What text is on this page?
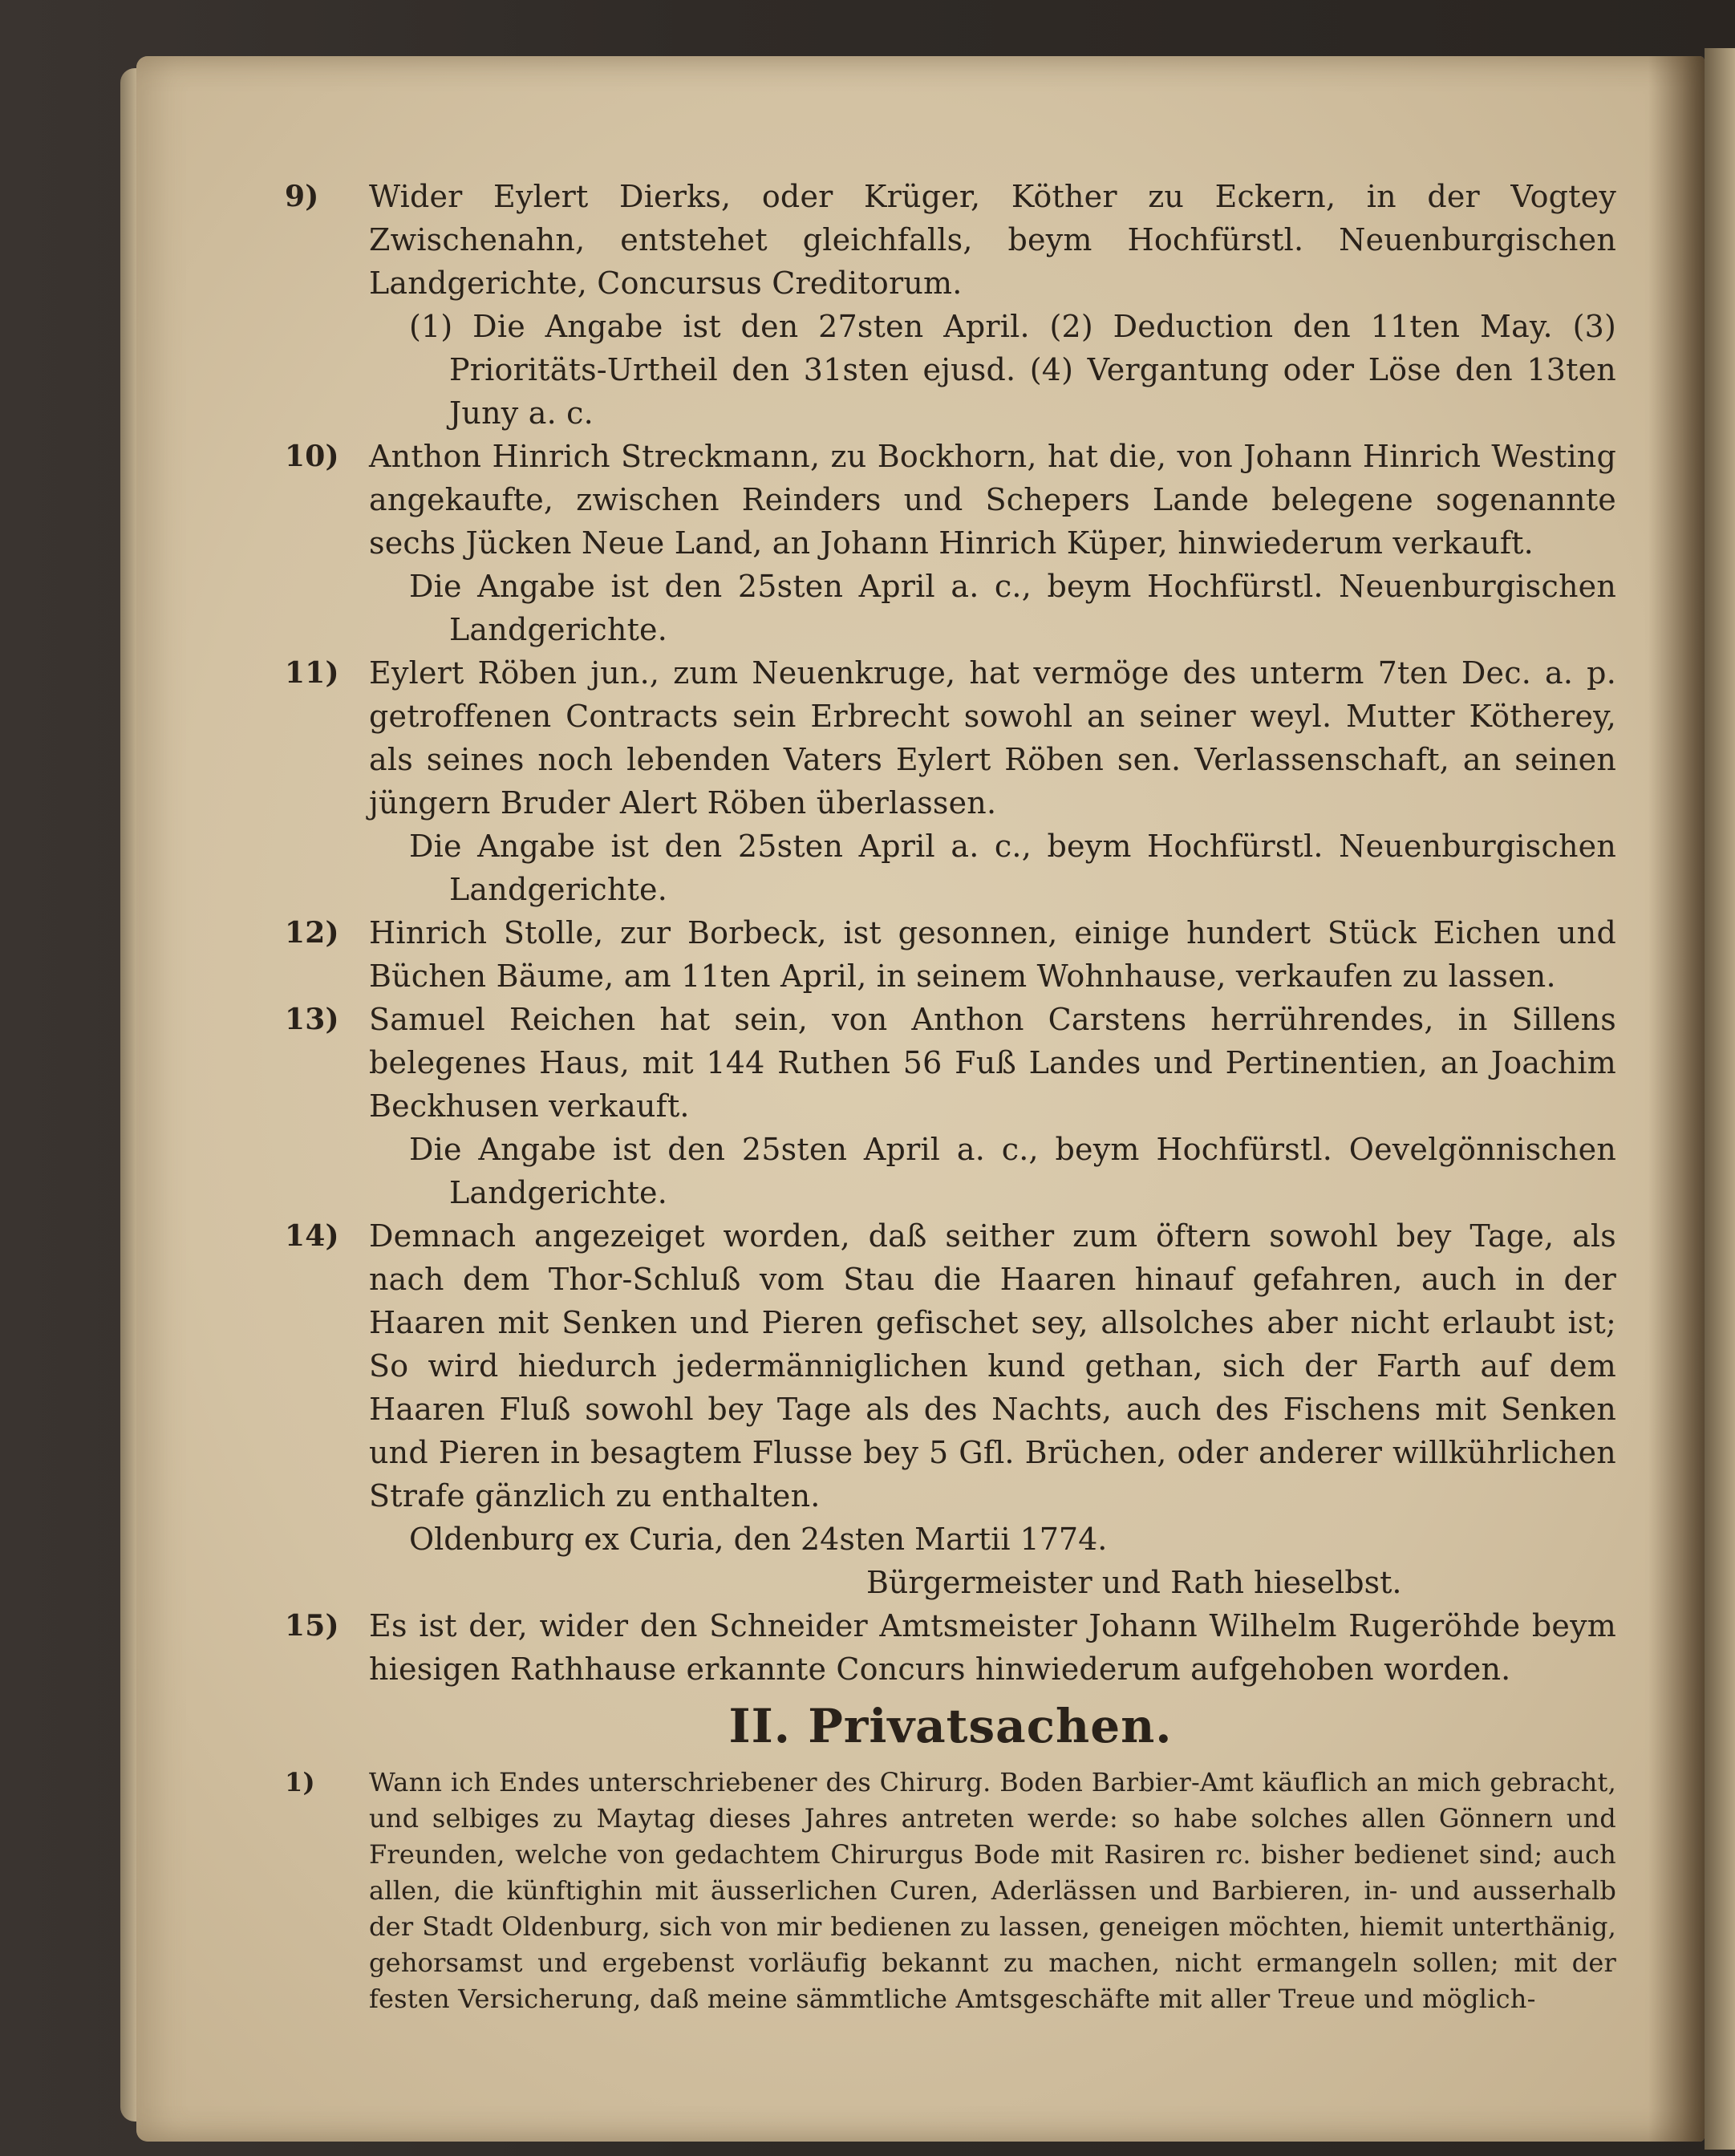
9) Wider Eylert Dierks, oder Krüger, Köther zu Eckern, in der Vogtey Zwischenahn, entstehet gleichfalls, beym Hochfürstl. Neuenburgischen Landgerichte, Concursus Creditorum.
(1) Die Angabe ist den 27sten April. (2) Deduction den 11ten May. (3) Prioritäts-Urtheil den 31sten ejusd. (4) Vergantung oder Löse den 13ten Juny a. c.

10) Anthon Hinrich Streckmann, zu Bockhorn, hat die, von Johann Hinrich Westing angekaufte, zwischen Reinders und Schepers Lande belegene sogenannte sechs Jücken Neue Land, an Johann Hinrich Küper, hinwiederum verkauft.
Die Angabe ist den 25sten April a. c., beym Hochfürstl. Neuenburgischen Landgerichte.

11) Eylert Röben jun., zum Neuenkruge, hat vermöge des unterm 7ten Dec. a. p. getroffenen Contracts sein Erbrecht sowohl an seiner weyl. Mutter Kötherey, als seines noch lebenden Vaters Eylert Röben sen. Verlassenschaft, an seinen jüngern Bruder Alert Röben überlassen.
Die Angabe ist den 25sten April a. c., beym Hochfürstl. Neuenburgischen Landgerichte.

12) Hinrich Stolle, zur Borbeck, ist gesonnen, einige hundert Stück Eichen und Büchen Bäume, am 11ten April, in seinem Wohnhause, verkaufen zu lassen.

13) Samuel Reichen hat sein, von Anthon Carstens herrührendes, in Sillens belegenes Haus, mit 144 Ruthen 56 Fuß Landes und Pertinentien, an Joachim Beckhusen verkauft.
Die Angabe ist den 25sten April a. c., beym Hochfürstl. Oevelgönnischen Landgerichte.

14) Demnach angezeiget worden, daß seither zum öftern sowohl bey Tage, als nach dem Thor-Schluß vom Stau die Haaren hinauf gefahren, auch in der Haaren mit Senken und Pieren gefischet sey, allsolches aber nicht erlaubt ist; So wird hiedurch jedermänniglichen kund gethan, sich der Farth auf dem Haaren Fluß sowohl bey Tage als des Nachts, auch des Fischens mit Senken und Pieren in besagtem Flusse bey 5 Gfl. Brüchen, oder anderer willkührlichen Strafe gänzlich zu enthalten.

Oldenburg ex Curia, den 24sten Martii 1774.
Bürgermeister und Rath hieselbst.

15) Es ist der, wider den Schneider Amtsmeister Johann Wilhelm Rugeröhde beym hiesigen Rathhause erkannte Concurs hinwiederum aufgehoben worden.

II. Privatsachen.

1) Wann ich Endes unterschriebener des Chirurg. Boden Barbier-Amt käuflich an mich gebracht, und selbiges zu Maytag dieses Jahres antreten werde: so habe solches allen Gönnern und Freunden, welche von gedachtem Chirurgus Bode mit Rasiren rc. bisher bedienet sind; auch allen, die künftighin mit äusserlichen Curen, Aderlässen und Barbieren, in- und ausserhalb der Stadt Oldenburg, sich von mir bedienen zu lassen, geneigen möchten, hiemit unterthänig, gehorsamst und ergebenst vorläufig bekannt zu machen, nicht ermangeln sollen; mit der festen Versicherung, daß meine sämmtliche Amtsgeschäfte mit aller Treue und möglich-
